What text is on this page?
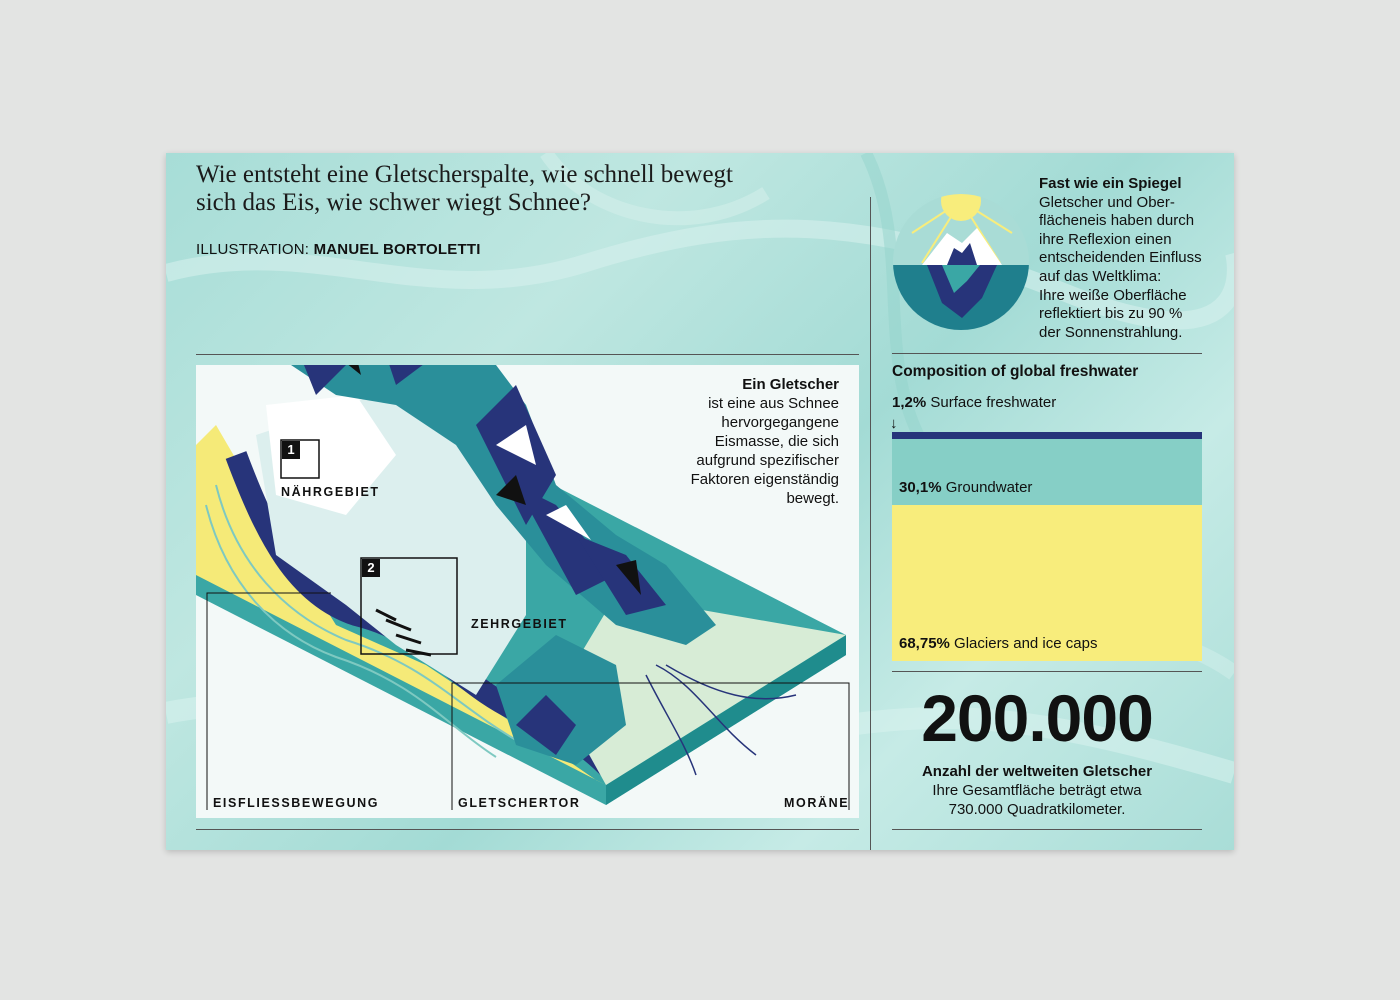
Wie entsteht eine Gletscherspalte, wie schnell bewegt sich das Eis, wie schwer wiegt Schnee?
ILLUSTRATION: MANUEL BORTOLETTI
Ein Gletscher
ist eine aus Schnee
hervorgegangene
Eismasse, die sich
aufgrund spezifischer
Faktoren eigenständig
bewegt.
1
NÄHRGEBIET
2
ZEHRGEBIET
EISFLIESSBEWEGUNG	GLETSCHERTOR	MORÄNE
Fast wie ein Spiegel
Gletscher und Ober-
flächeneis haben durch
ihre Reflexion einen
entscheidenden Einfluss
auf das Weltklima:
Ihre weiße Oberfläche
reflektiert bis zu 90 %
der Sonnenstrahlung.
Composition of global freshwater
1,2% Surface freshwater
↓
30,1% Groundwater
68,75% Glaciers and ice caps
200.000
Anzahl der weltweiten Gletscher
Ihre Gesamtfläche beträgt etwa
730.000 Quadratkilometer.
